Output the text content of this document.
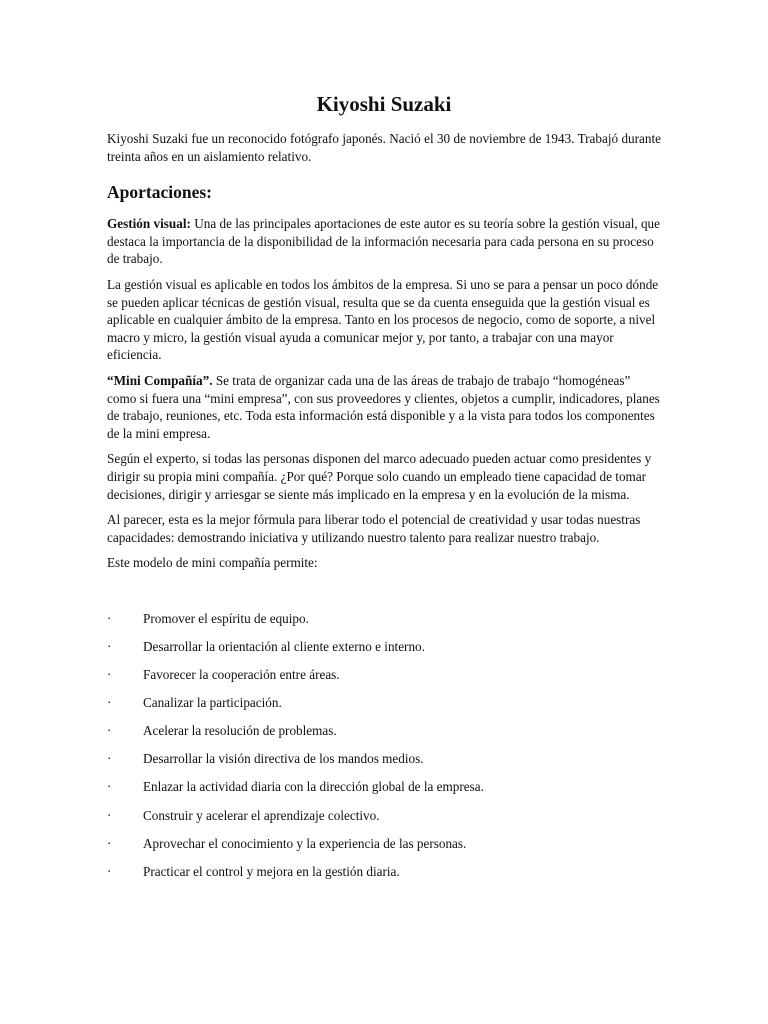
Kiyoshi Suzaki

Kiyoshi Suzaki fue un reconocido fotógrafo japonés. Nació el 30 de noviembre de 1943. Trabajó durante treinta años en un aislamiento relativo.

Aportaciones:

Gestión visual: Una de las principales aportaciones de este autor es su teoría sobre la gestión visual, que destaca la importancia de la disponibilidad de la información necesaria para cada persona en su proceso de trabajo.

La gestión visual es aplicable en todos los ámbitos de la empresa. Si uno se para a pensar un poco dónde se pueden aplicar técnicas de gestión visual, resulta que se da cuenta enseguida que la gestión visual es aplicable en cualquier ámbito de la empresa. Tanto en los procesos de negocio, como de soporte, a nivel macro y micro, la gestión visual ayuda a comunicar mejor y, por tanto, a trabajar con una mayor eficiencia.

“Mini Compañía”. Se trata de organizar cada una de las áreas de trabajo de trabajo “homogéneas” como si fuera una “mini empresa”, con sus proveedores y clientes, objetos a cumplir, indicadores, planes de trabajo, reuniones, etc. Toda esta información está disponible y a la vista para todos los componentes de la mini empresa.

Según el experto, si todas las personas disponen del marco adecuado pueden actuar como presidentes y dirigir su propia mini compañía. ¿Por qué? Porque solo cuando un empleado tiene capacidad de tomar decisiones, dirigir y arriesgar se siente más implicado en la empresa y en la evolución de la misma.

Al parecer, esta es la mejor fórmula para liberar todo el potencial de creatividad y usar todas nuestras capacidades: demostrando iniciativa y utilizando nuestro talento para realizar nuestro trabajo.

Este modelo de mini compañía permite:

·	Promover el espíritu de equipo.
·	Desarrollar la orientación al cliente externo e interno.
·	Favorecer la cooperación entre áreas.
·	Canalizar la participación.
·	Acelerar la resolución de problemas.
·	Desarrollar la visión directiva de los mandos medios.
·	Enlazar la actividad diaria con la dirección global de la empresa.
·	Construir y acelerar el aprendizaje colectivo.
·	Aprovechar el conocimiento y la experiencia de las personas.
·	Practicar el control y mejora en la gestión diaria.
